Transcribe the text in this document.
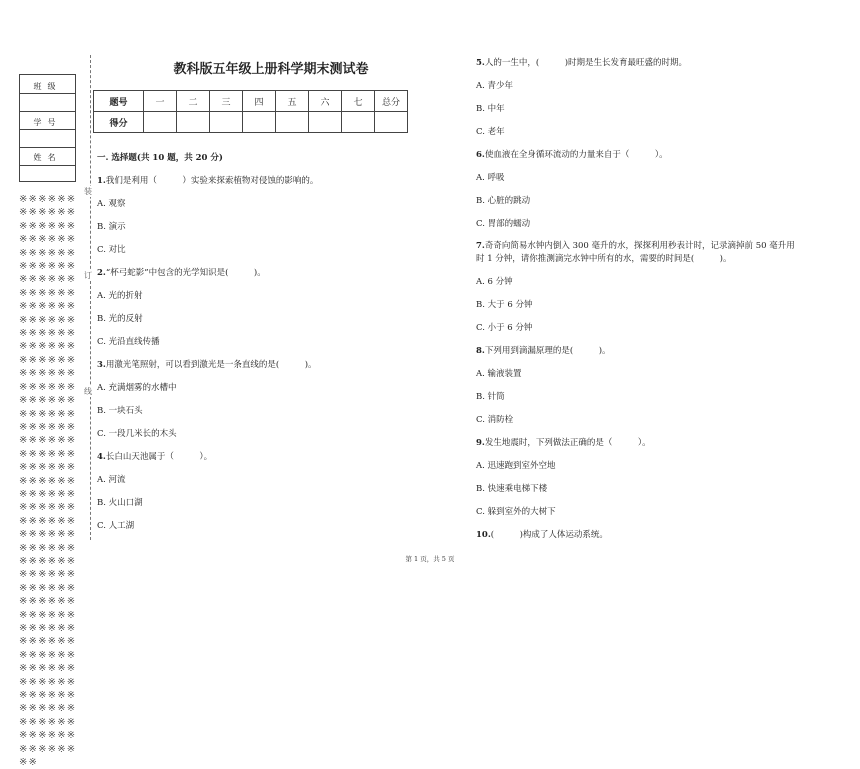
班级
学号
姓名
※ ※ ※ ※ ※ ※ ※ ※ ※ ※ ※ ※ ※ ※ ※ ※ ※ ※ ※ ※ ※ ※ ※ ※ ※ ※ ※ ※ ※ ※ ※ ※ ※ ※ ※ ※ ※ ※ ※ ※ ※ ※ ※ ※ ※ ※ ※ ※ ※ ※ ※ ※ ※ ※ ※ ※ ※ ※ ※ ※ ※ ※ ※ ※ ※ ※ ※ ※ ※ ※ ※ ※ ※ ※ ※ ※ ※ ※ ※ ※ ※ ※ ※ ※ ※ ※ ※ ※ ※ ※ ※ ※ ※ ※ ※ ※ ※ ※ ※ ※ ※ ※ ※ ※ ※ ※ ※ ※ ※ ※ ※ ※ ※ ※ ※ ※ ※ ※ ※ ※ ※ ※ ※ ※ ※ ※ ※ ※ ※ ※ ※ ※ ※ ※ ※ ※ ※ ※ ※ ※ ※ ※ ※ ※ ※ ※ ※ ※ ※ ※ ※ ※ ※ ※ ※ ※ ※ ※ ※ ※ ※ ※ ※ ※ ※ ※ ※ ※ ※ ※ ※ ※ ※ ※ ※ ※ ※ ※ ※ ※ ※ ※ ※ ※ ※ ※ ※ ※ ※ ※ ※ ※ ※ ※ ※ ※ ※ ※ ※ ※ ※ ※ ※ ※ ※ ※ ※ ※ ※ ※ ※ ※ ※ ※ ※ ※ ※ ※ ※ ※ ※ ※ ※ ※ ※ ※ ※ ※ ※ ※ ※ ※ ※ ※ ※ ※ ※ ※ ※ ※ ※ ※ ※ ※ ※ ※ ※ ※ ※ ※ ※ ※ ※ ※
装
订
线
教科版五年级上册科学期末测试卷
题号	一	二	三	四	五	六	七	总分
得分								
一. 选择题(共 10 题，共 20 分)
1.我们是利用（　　　）实验来探索植物对侵蚀的影响的。
A. 观察
B. 演示
C. 对比
2.“杯弓蛇影”中包含的光学知识是(　　　)。
A. 光的折射
B. 光的反射
C. 光沿直线传播
3.用激光笔照射，可以看到激光是一条直线的是(　　　)。
A. 充满烟雾的水槽中
B. 一块石头
C. 一段几米长的木头
4.长白山天池属于（　　　）。
A. 河流
B. 火山口湖
C. 人工湖
5.人的一生中，(　　　)时期是生长发育最旺盛的时期。
A. 青少年
B. 中年
C. 老年
6.使血液在全身循环流动的力量来自于（　　　）。
A. 呼吸
B. 心脏的跳动
C. 胃部的蠕动
7.奇奇向简易水钟内倒入 300 毫升的水，探探利用秒表计时，记录滴掉前 50 毫升用
时 1 分钟，请你推测滴完水钟中所有的水，需要的时间是(　　　)。
A. 6 分钟
B. 大于 6 分钟
C. 小于 6 分钟
8.下列用到滴漏原理的是(　　　)。
A. 输液装置
B. 针筒
C. 消防栓
9.发生地震时，下列做法正确的是（　　　）。
A. 迅速跑到室外空地
B. 快速乘电梯下楼
C. 躲到室外的大树下
10.(　　　)构成了人体运动系统。
第 1 页，共 5 页
